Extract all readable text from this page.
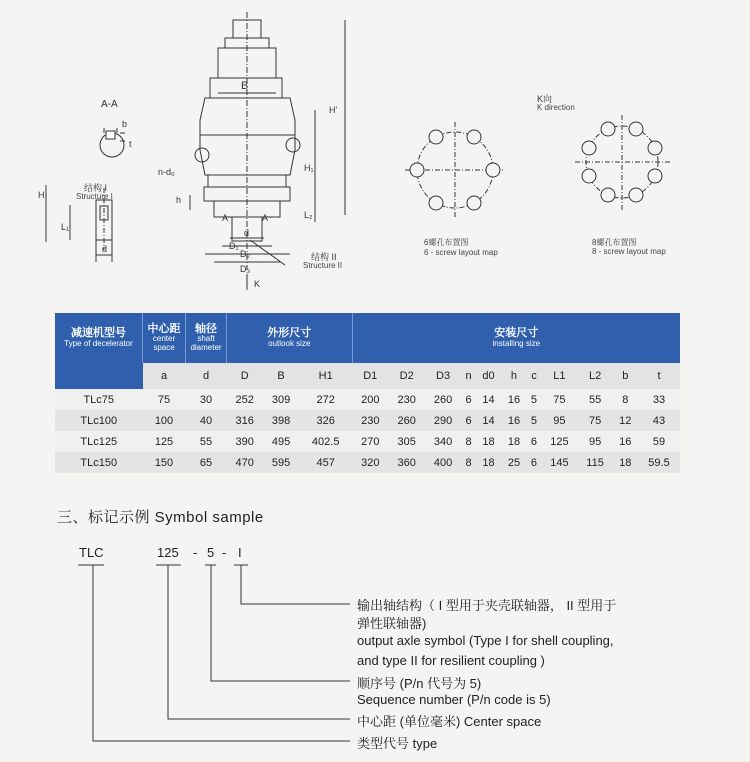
A-A
b
t
结构 I
Structure I
H
L₁
d
B
H'
H₁
L₂
n-d₀
h
A	A
d
D₁
D₂
D₃
K
结构 II
Structure II
K向
K direction
6螺孔布置图
6 - screw layout map
8螺孔布置图
8 - screw layout map
减速机型号
Type of decelerator	中心距
center space	轴径
shaft diameter	外形尺寸
outlook size			安装尺寸
installing size										

	a	d	D	B	H1	D1	D2	D3	n	d0	h	c	L1	L2	b	t
TLc75	75	30	252	309	272	200	230	260	6	14	16	5	75	55	8	33
TLc100	100	40	316	398	326	230	260	290	6	14	16	5	95	75	12	43
TLc125	125	55	390	495	402.5	270	305	340	8	18	18	6	125	95	16	59
TLc150	150	65	470	595	457	320	360	400	8	18	25	6	145	115	18	59.5
三、标记示例 Symbol sample
TLC	125 - 5 - I
输出轴结构（ I 型用于夹壳联轴器， II 型用于
弹性联轴器)
output axle symbol (Type I for shell coupling,
and type II for resilient coupling )
顺序号 (P/n 代号为 5)
Sequence number (P/n code is 5)
中心距 (单位毫米) Center space
类型代号 type
